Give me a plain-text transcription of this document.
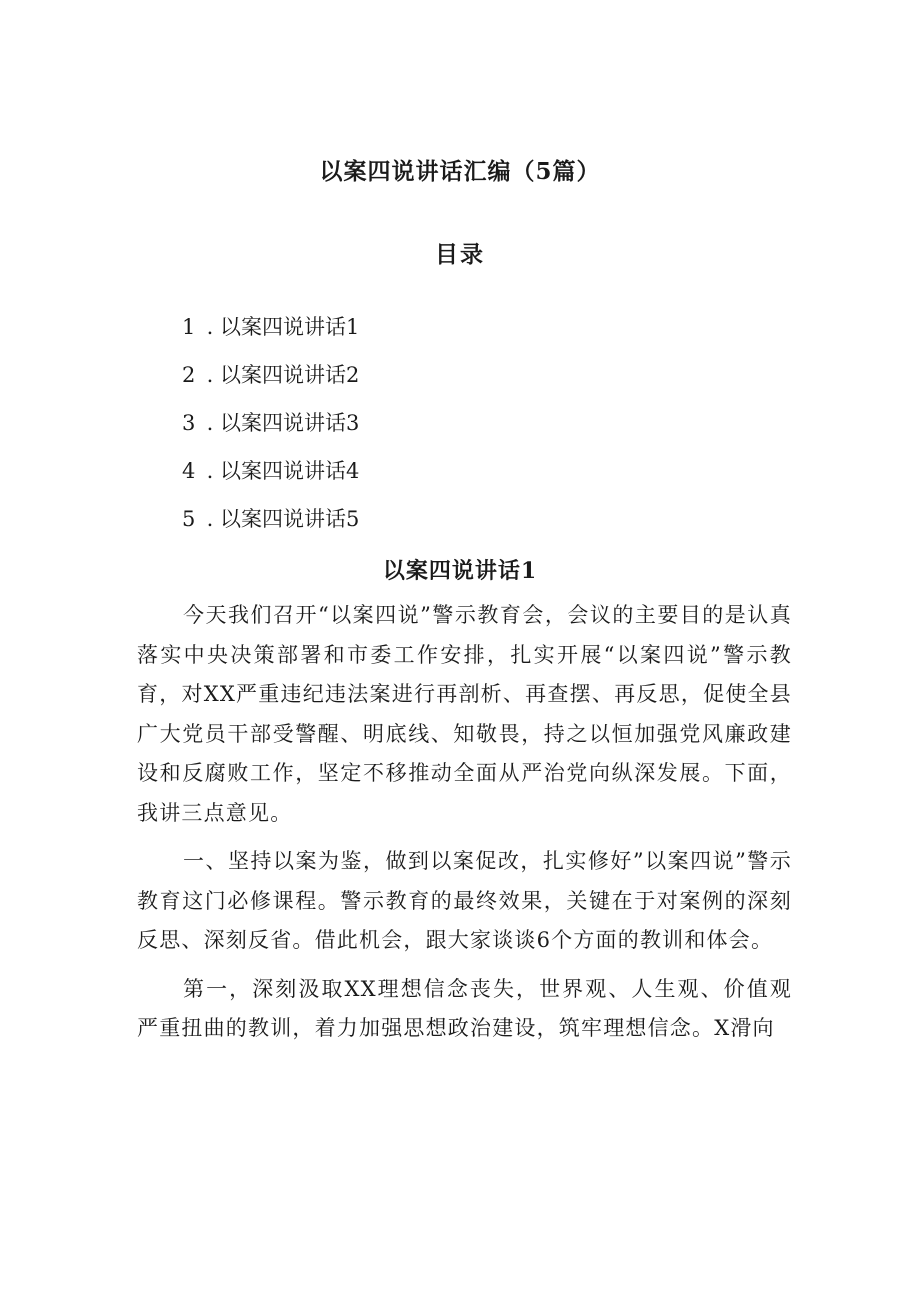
以案四说讲话汇编（5篇）
目录
1 . 以案四说讲话1
2 . 以案四说讲话2
3 . 以案四说讲话3
4 . 以案四说讲话4
5 . 以案四说讲话5
以案四说讲话1

今天我们召开“以案四说”警示教育会，会议的主要目的是认真落实中央决策部署和市委工作安排，扎实开展“以案四说”警示教育，对XX严重违纪违法案进行再剖析、再查摆、再反思，促使全县广大党员干部受警醒、明底线、知敬畏，持之以恒加强党风廉政建设和反腐败工作，坚定不移推动全面从严治党向纵深发展。下面，我讲三点意见。

一、坚持以案为鉴，做到以案促改，扎实修好”以案四说”警示教育这门必修课程。警示教育的最终效果，关键在于对案例的深刻反思、深刻反省。借此机会，跟大家谈谈6个方面的教训和体会。

第一，深刻汲取XX理想信念丧失，世界观、人生观、价值观严重扭曲的教训，着力加强思想政治建设，筑牢理想信念。X滑向
